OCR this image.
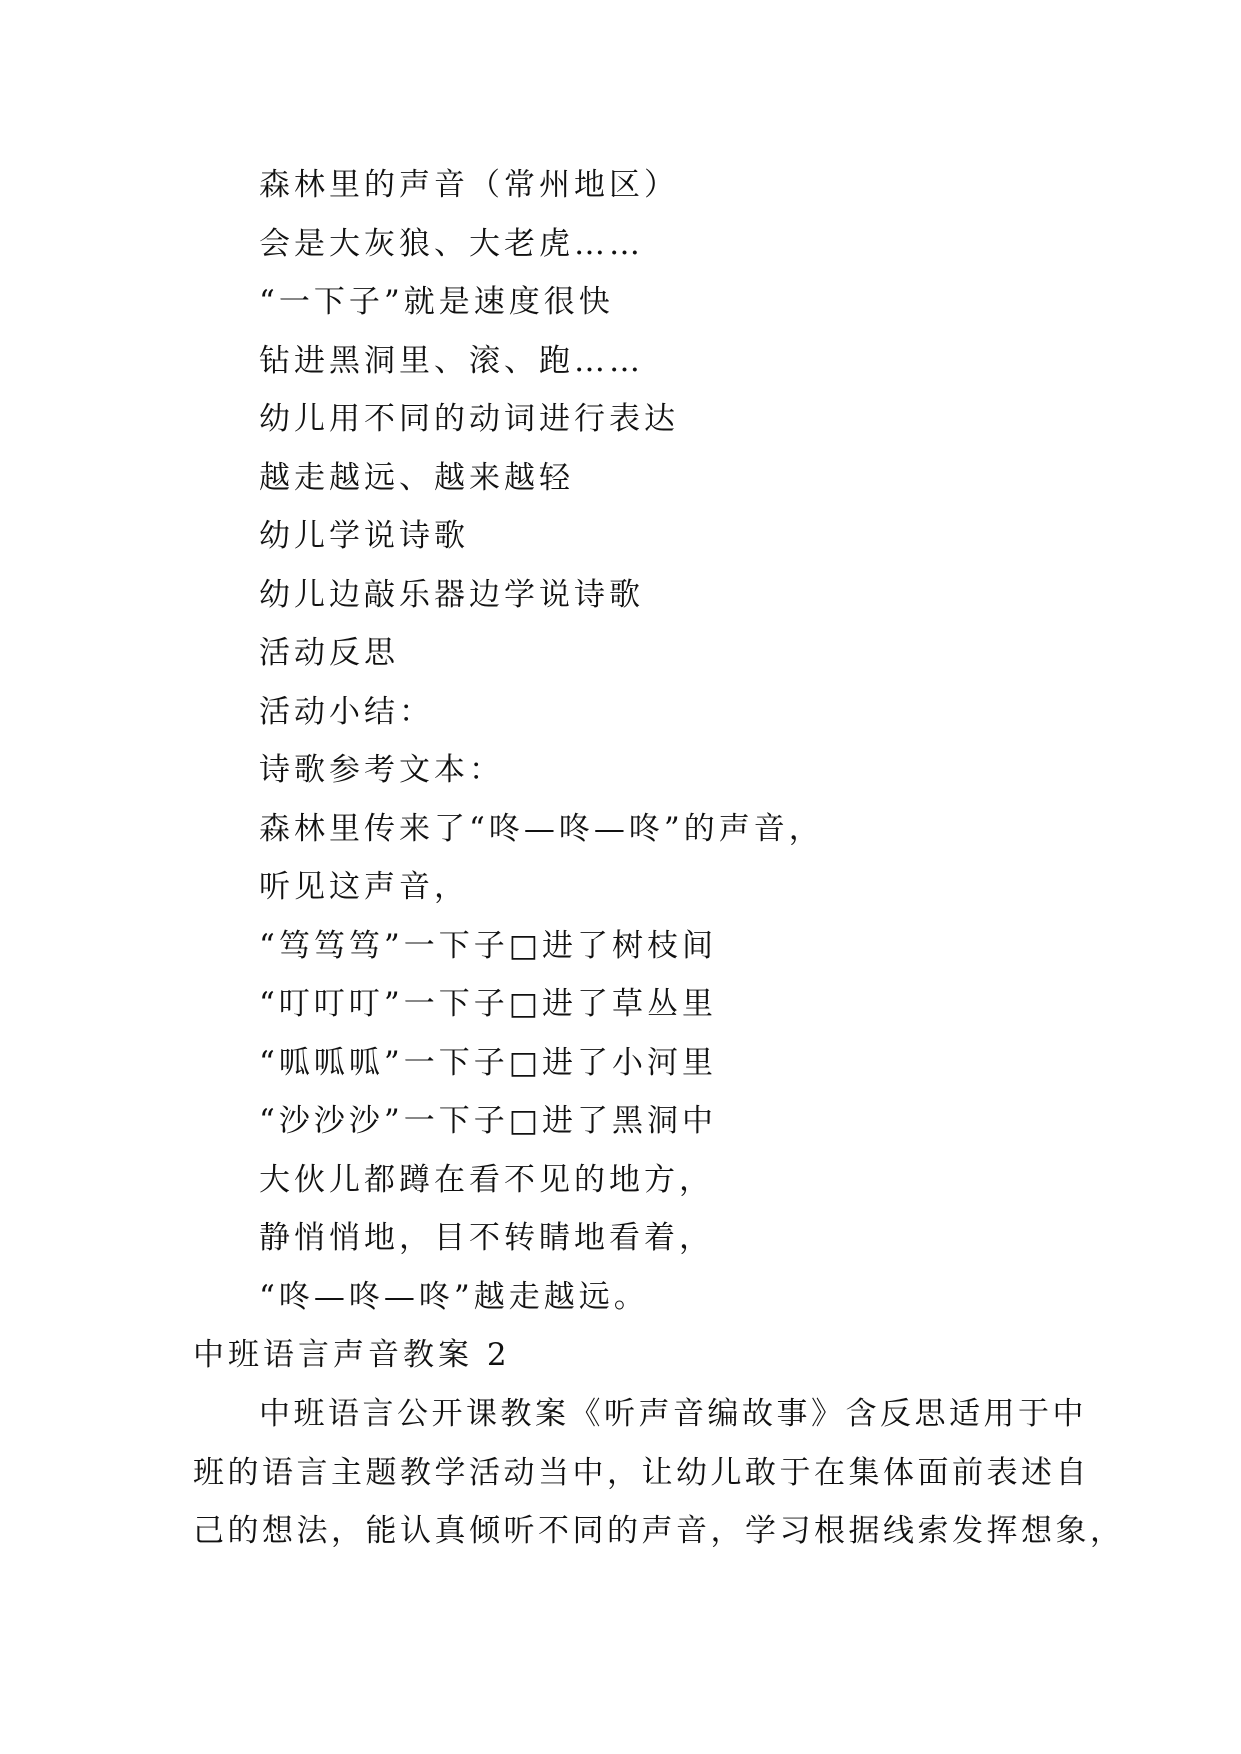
森林里的声音（常州地区）
会是大灰狼、大老虎……
“一下子”就是速度很快
钻进黑洞里、滚、跑……
幼儿用不同的动词进行表达
越走越远、越来越轻
幼儿学说诗歌
幼儿边敲乐器边学说诗歌
活动反思
活动小结：
诗歌参考文本：
森林里传来了“咚—咚—咚”的声音，
听见这声音，
“笃笃笃”一下子□进了树枝间
“叮叮叮”一下子□进了草丛里
“呱呱呱”一下子□进了小河里
“沙沙沙”一下子□进了黑洞中
大伙儿都蹲在看不见的地方，
静悄悄地，目不转睛地看着，
“咚—咚—咚”越走越远。
中班语言声音教案 2
中班语言公开课教案《听声音编故事》含反思适用于中
班的语言主题教学活动当中，让幼儿敢于在集体面前表述自
己的想法，能认真倾听不同的声音，学习根据线索发挥想象，
